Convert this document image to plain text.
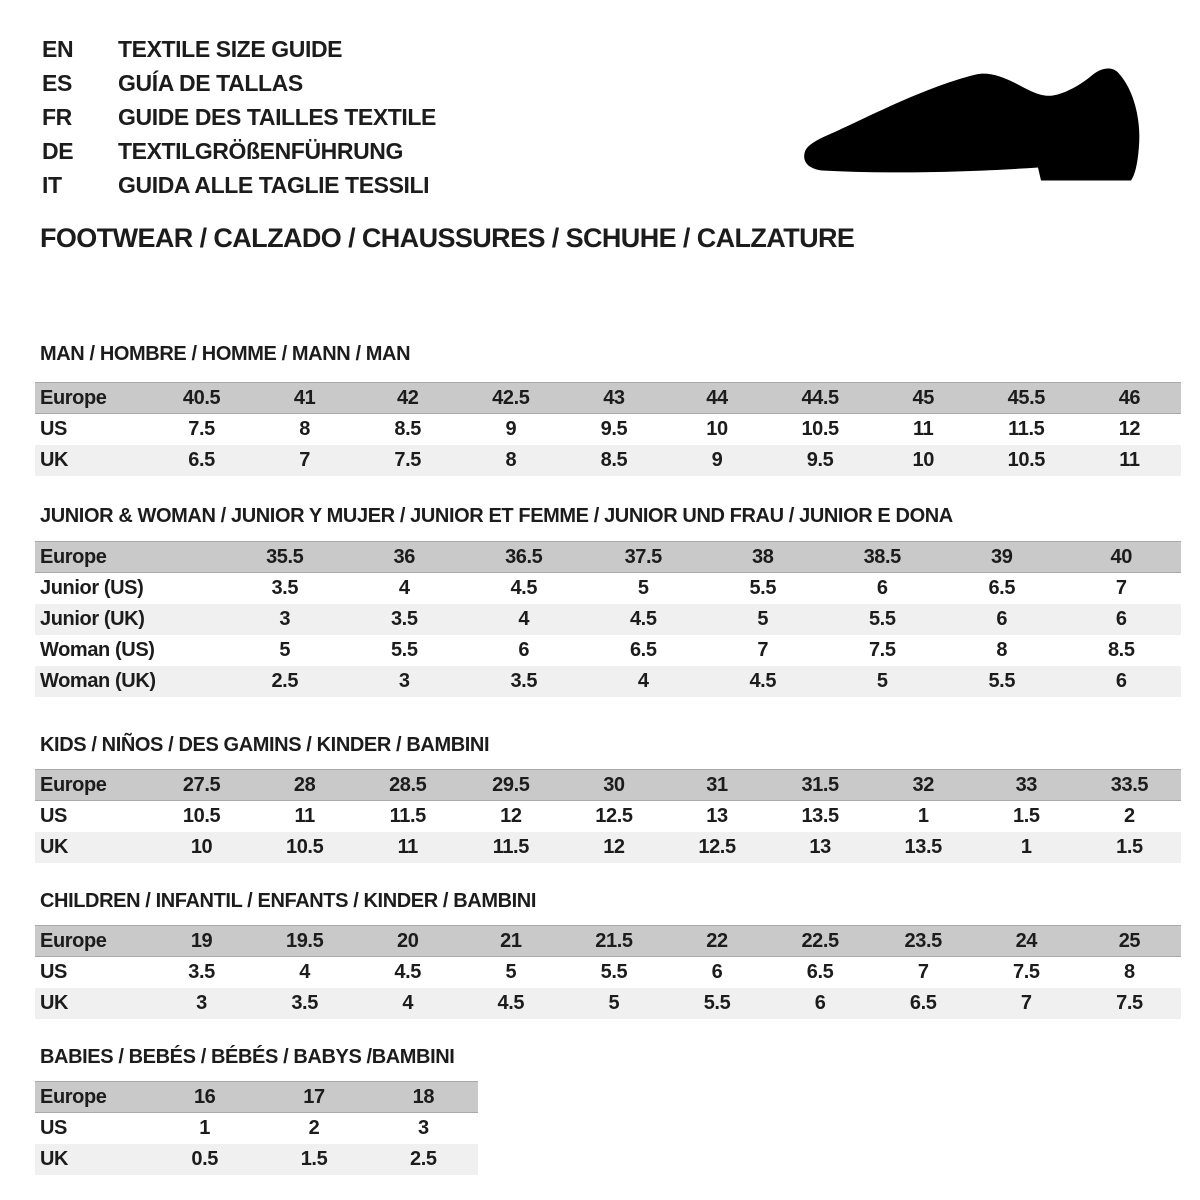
EN	TEXTILE SIZE GUIDE
ES	GUÍA DE TALLAS
FR	GUIDE DES TAILLES TEXTILE
DE	TEXTILGRÖßENFÜHRUNG
IT	GUIDA ALLE TAGLIE TESSILI
FOOTWEAR / CALZADO / CHAUSSURES / SCHUHE / CALZATURE
MAN / HOMBRE / HOMME / MANN / MAN
Europe	40.5	41	42	42.5	43	44	44.5	45	45.5	46
US	7.5	8	8.5	9	9.5	10	10.5	11	11.5	12
UK	6.5	7	7.5	8	8.5	9	9.5	10	10.5	11
JUNIOR & WOMAN / JUNIOR Y MUJER / JUNIOR ET FEMME / JUNIOR UND FRAU / JUNIOR E DONA
Europe	35.5	36	36.5	37.5	38	38.5	39	40
Junior (US)	3.5	4	4.5	5	5.5	6	6.5	7
Junior (UK)	3	3.5	4	4.5	5	5.5	6	6
Woman (US)	5	5.5	6	6.5	7	7.5	8	8.5
Woman (UK)	2.5	3	3.5	4	4.5	5	5.5	6
KIDS / NIÑOS / DES GAMINS / KINDER / BAMBINI
Europe	27.5	28	28.5	29.5	30	31	31.5	32	33	33.5
US	10.5	11	11.5	12	12.5	13	13.5	1	1.5	2
UK	10	10.5	11	11.5	12	12.5	13	13.5	1	1.5
CHILDREN / INFANTIL / ENFANTS / KINDER / BAMBINI
Europe	19	19.5	20	21	21.5	22	22.5	23.5	24	25
US	3.5	4	4.5	5	5.5	6	6.5	7	7.5	8
UK	3	3.5	4	4.5	5	5.5	6	6.5	7	7.5
BABIES / BEBÉS / BÉBÉS / BABYS /BAMBINI
Europe	16	17	18
US	1	2	3
UK	0.5	1.5	2.5
